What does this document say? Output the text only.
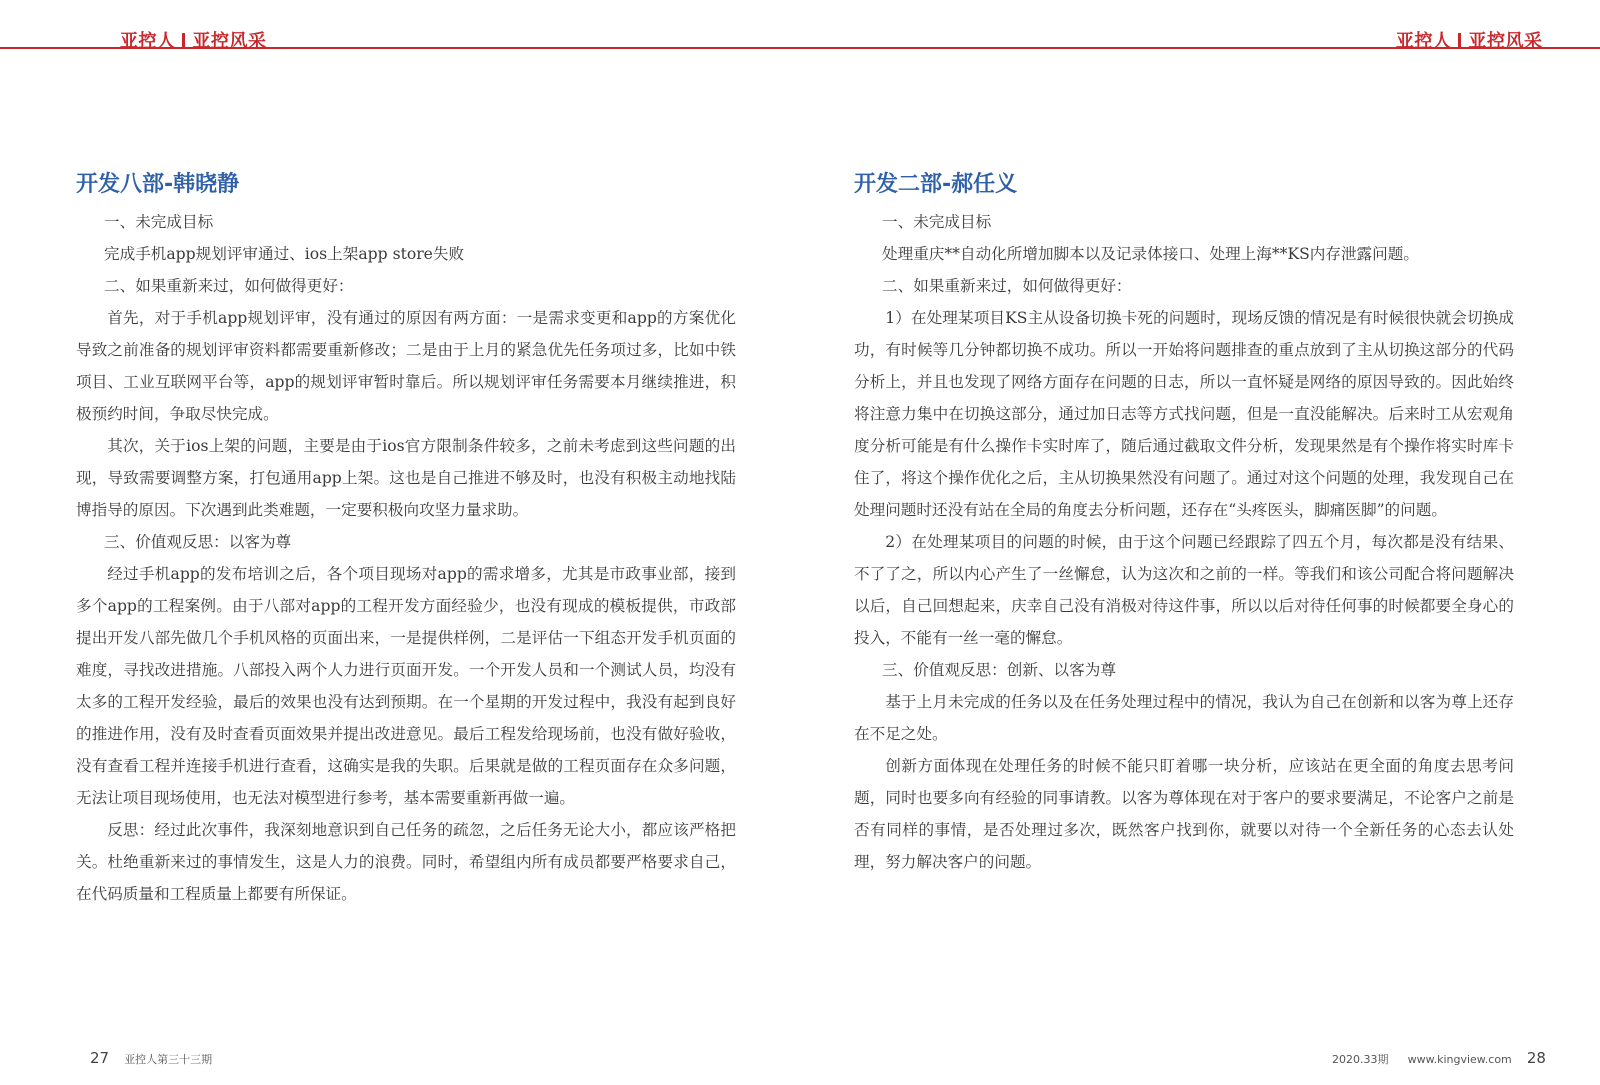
亚控人 亚控风采	亚控人 亚控风采
开发八部-韩晓静

一、未完成目标

完成手机app规划评审通过、ios上架app store失败

二、如果重新来过，如何做得更好：

首先，对于手机app规划评审，没有通过的原因有两方面：一是需求变更和app的方案优化导致之前准备的规划评审资料都需要重新修改；二是由于上月的紧急优先任务项过多，比如中铁项目、工业互联网平台等，app的规划评审暂时靠后。所以规划评审任务需要本月继续推进，积极预约时间，争取尽快完成。

其次，关于ios上架的问题，主要是由于ios官方限制条件较多，之前未考虑到这些问题的出现，导致需要调整方案，打包通用app上架。这也是自己推进不够及时，也没有积极主动地找陆博指导的原因。下次遇到此类难题，一定要积极向攻坚力量求助。

三、价值观反思：以客为尊

经过手机app的发布培训之后，各个项目现场对app的需求增多，尤其是市政事业部，接到多个app的工程案例。由于八部对app的工程开发方面经验少，也没有现成的模板提供，市政部提出开发八部先做几个手机风格的页面出来，一是提供样例，二是评估一下组态开发手机页面的难度，寻找改进措施。八部投入两个人力进行页面开发。一个开发人员和一个测试人员，均没有太多的工程开发经验，最后的效果也没有达到预期。在一个星期的开发过程中，我没有起到良好的推进作用，没有及时查看页面效果并提出改进意见。最后工程发给现场前，也没有做好验收，没有查看工程并连接手机进行查看，这确实是我的失职。后果就是做的工程页面存在众多问题，无法让项目现场使用，也无法对模型进行参考，基本需要重新再做一遍。

反思：经过此次事件，我深刻地意识到自己任务的疏忽，之后任务无论大小，都应该严格把关。杜绝重新来过的事情发生，这是人力的浪费。同时，希望组内所有成员都要严格要求自己，在代码质量和工程质量上都要有所保证。

开发二部-郝任义

一、未完成目标

处理重庆**自动化所增加脚本以及记录体接口、处理上海**KS内存泄露问题。

二、如果重新来过，如何做得更好：

1）在处理某项目KS主从设备切换卡死的问题时，现场反馈的情况是有时候很快就会切换成功，有时候等几分钟都切换不成功。所以一开始将问题排查的重点放到了主从切换这部分的代码分析上，并且也发现了网络方面存在问题的日志，所以一直怀疑是网络的原因导致的。因此始终将注意力集中在切换这部分，通过加日志等方式找问题，但是一直没能解决。后来时工从宏观角度分析可能是有什么操作卡实时库了，随后通过截取文件分析，发现果然是有个操作将实时库卡住了，将这个操作优化之后，主从切换果然没有问题了。通过对这个问题的处理，我发现自己在处理问题时还没有站在全局的角度去分析问题，还存在“头疼医头，脚痛医脚”的问题。

2）在处理某项目的问题的时候，由于这个问题已经跟踪了四五个月，每次都是没有结果、不了了之，所以内心产生了一丝懈怠，认为这次和之前的一样。等我们和该公司配合将问题解决以后，自己回想起来，庆幸自己没有消极对待这件事，所以以后对待任何事的时候都要全身心的投入，不能有一丝一毫的懈怠。

三、价值观反思：创新、以客为尊

基于上月未完成的任务以及在任务处理过程中的情况，我认为自己在创新和以客为尊上还存在不足之处。

创新方面体现在处理任务的时候不能只盯着哪一块分析，应该站在更全面的角度去思考问题，同时也要多向有经验的同事请教。以客为尊体现在对于客户的要求要满足，不论客户之前是否有同样的事情，是否处理过多次，既然客户找到你，就要以对待一个全新任务的心态去认处理，努力解决客户的问题。

27 亚控人第三十三期	2020.33期 www.kingview.com 28
